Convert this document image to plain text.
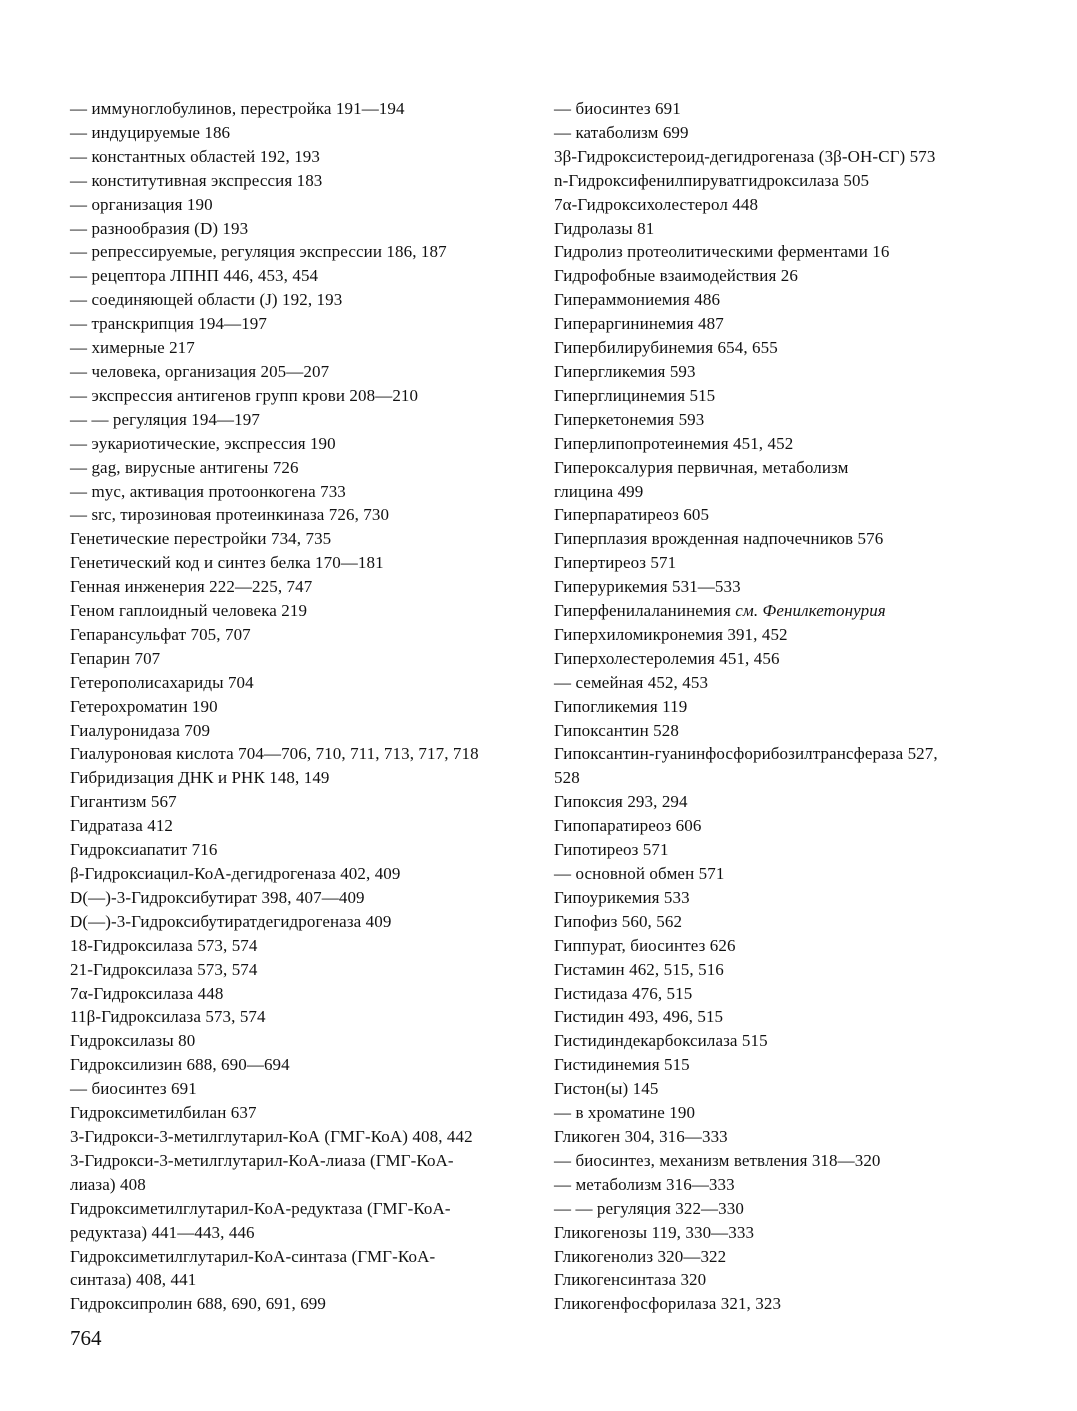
— иммуноглобулинов, перестройка 191—194
— индуцируемые 186
— константных областей 192, 193
— конститутивная экспрессия 183
— организация 190
— разнообразия (D) 193
— репрессируемые, регуляция экспрессии 186, 187
— рецептора ЛПНП 446, 453, 454
— соединяющей области (J) 192, 193
— транскрипция 194—197
— химерные 217
— человека, организация 205—207
— экспрессия антигенов групп крови 208—210
— — регуляция 194—197
— эукариотические, экспрессия 190
— gag, вирусные антигены 726
— myc, активация протоонкогена 733
— src, тирозиновая протеинкиназа 726, 730
Генетические перестройки 734, 735
Генетический код и синтез белка 170—181
Генная инженерия 222—225, 747
Геном гаплоидный человека 219
Гепарансульфат 705, 707
Гепарин 707
Гетерополисахариды 704
Гетерохроматин 190
Гиалуронидаза 709
Гиалуроновая кислота 704—706, 710, 711, 713, 717, 718
Гибридизация ДНК и РНК 148, 149
Гигантизм 567
Гидратаза 412
Гидроксиапатит 716
β-Гидроксиацил-КоА-дегидрогеназа 402, 409
D(—)-3-Гидроксибутират 398, 407—409
D(—)-3-Гидроксибутиратдегидрогеназа 409
18-Гидроксилаза 573, 574
21-Гидроксилаза 573, 574
7α-Гидроксилаза 448
11β-Гидроксилаза 573, 574
Гидроксилазы 80
Гидроксилизин 688, 690—694
— биосинтез 691
Гидроксиметилбилан 637
3-Гидрокси-3-метилглутарил-КоА (ГМГ-КоА) 408, 442
3-Гидрокси-3-метилглутарил-КоА-лиаза (ГМГ-КоА-
лиаза) 408
Гидроксиметилглутарил-КоА-редуктаза (ГМГ-КоА-
редуктаза) 441—443, 446
Гидроксиметилглутарил-КоА-синтаза (ГМГ-КоА-
синтаза) 408, 441
Гидроксипролин 688, 690, 691, 699
— биосинтез 691
— катаболизм 699
3β-Гидроксистероид-дегидрогеназа (3β-ОН-СГ) 573
n-Гидроксифенилпируватгидроксилаза 505
7α-Гидроксихолестерол 448
Гидролазы 81
Гидролиз протеолитическими ферментами 16
Гидрофобные взаимодействия 26
Гипераммониемия 486
Гипераргининемия 487
Гипербилирубинемия 654, 655
Гипергликемия 593
Гиперглицинемия 515
Гиперкетонемия 593
Гиперлипопротеинемия 451, 452
Гипероксалурия первичная, метаболизм
глицина 499
Гиперпаратиреоз 605
Гиперплазия врожденная надпочечников 576
Гипертиреоз 571
Гиперурикемия 531—533
Гиперфенилаланинемия см. Фенилкетонурия
Гиперхиломикронемия 391, 452
Гиперхолестеролемия 451, 456
— семейная 452, 453
Гипогликемия 119
Гипоксантин 528
Гипоксантин-гуанинфосфорибозилтрансфераза 527,
528
Гипоксия 293, 294
Гипопаратиреоз 606
Гипотиреоз 571
— основной обмен 571
Гипоурикемия 533
Гипофиз 560, 562
Гиппурат, биосинтез 626
Гистамин 462, 515, 516
Гистидаза 476, 515
Гистидин 493, 496, 515
Гистидиндекарбоксилаза 515
Гистидинемия 515
Гистон(ы) 145
— в хроматине 190
Гликоген 304, 316—333
— биосинтез, механизм ветвления 318—320
— метаболизм 316—333
— — регуляция 322—330
Гликогенозы 119, 330—333
Гликогенолиз 320—322
Гликогенсинтаза 320
Гликогенфосфорилаза 321, 323
764
